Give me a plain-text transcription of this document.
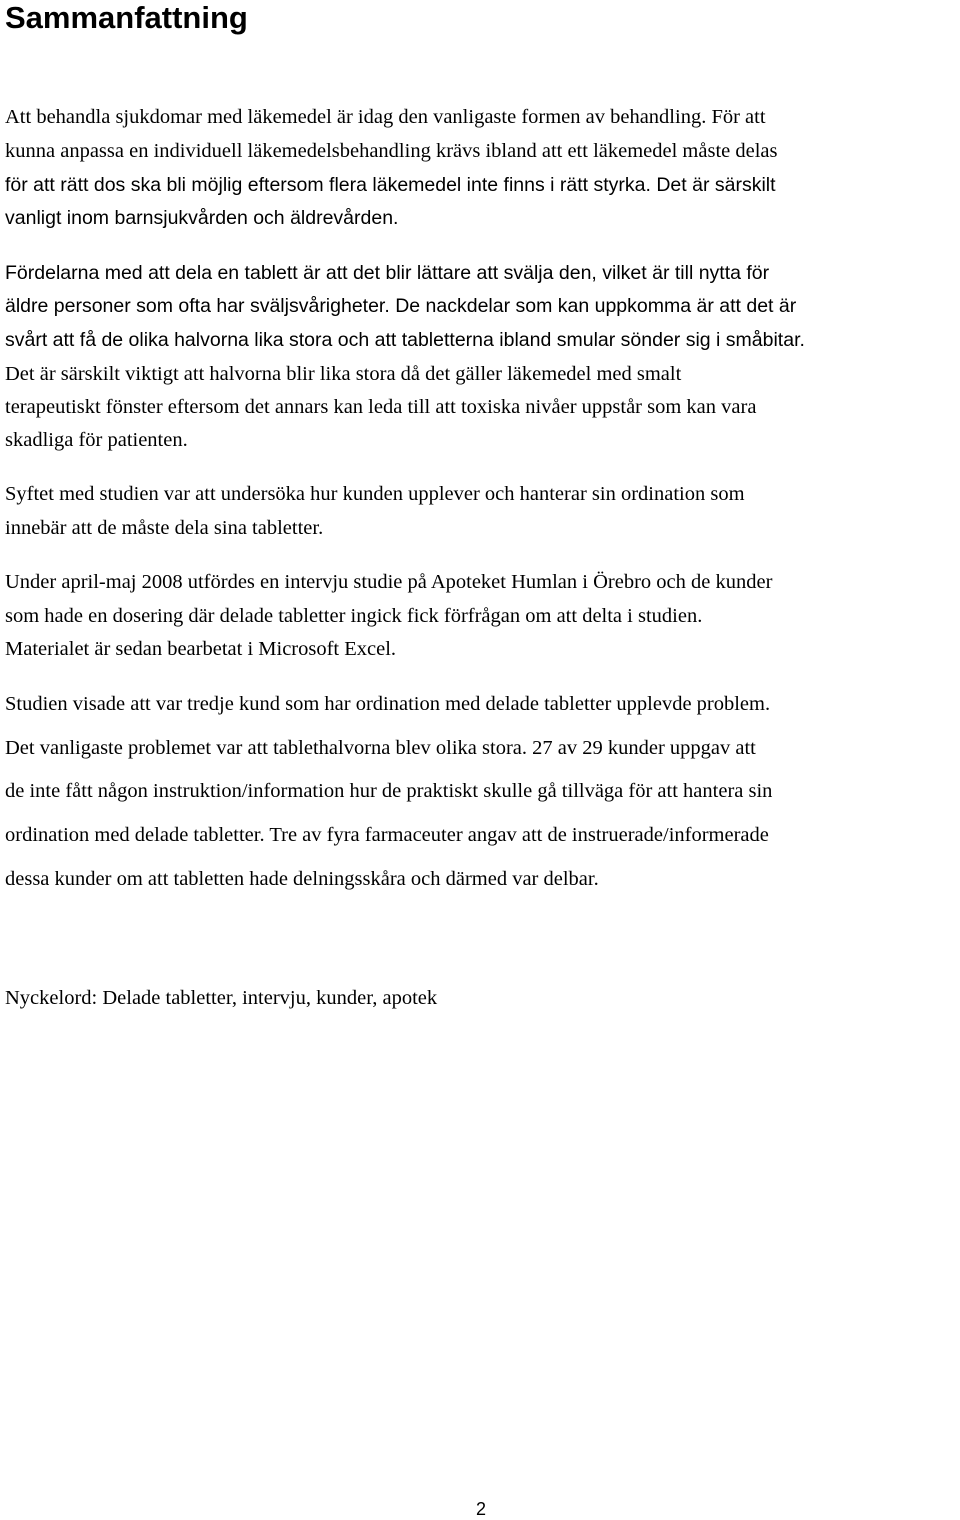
Sammanfattning

Att behandla sjukdomar med läkemedel är idag den vanligaste formen av behandling. För att

kunna anpassa en individuell läkemedelsbehandling krävs ibland att ett läkemedel måste delas

för att rätt dos ska bli möjlig eftersom flera läkemedel inte finns i rätt styrka. Det är särskilt

vanligt inom barnsjukvården och äldrevården.

Fördelarna med att dela en tablett är att det blir lättare att svälja den, vilket är till nytta för

äldre personer som ofta har sväljsvårigheter. De nackdelar som kan uppkomma är att det är

svårt att få de olika halvorna lika stora och att tabletterna ibland smular sönder sig i småbitar.

Det är särskilt viktigt att halvorna blir lika stora då det gäller läkemedel med smalt

terapeutiskt fönster eftersom det annars kan leda till att toxiska nivåer uppstår som kan vara

skadliga för patienten.

Syftet med studien var att undersöka hur kunden upplever och hanterar sin ordination som

innebär att de måste dela sina tabletter.

Under april-maj 2008 utfördes en intervju studie på Apoteket Humlan i Örebro och de kunder

som hade en dosering där delade tabletter ingick fick förfrågan om att delta i studien.

Materialet är sedan bearbetat i Microsoft Excel.

Studien visade att var tredje kund som har ordination med delade tabletter upplevde problem.

Det vanligaste problemet var att tablethalvorna blev olika stora. 27 av 29 kunder uppgav att

de inte fått någon instruktion/information hur de praktiskt skulle gå tillväga för att hantera sin

ordination med delade tabletter. Tre av fyra farmaceuter angav att de instruerade/informerade

dessa kunder om att tabletten hade delningsskåra och därmed var delbar.

Nyckelord: Delade tabletter, intervju, kunder, apotek

2
